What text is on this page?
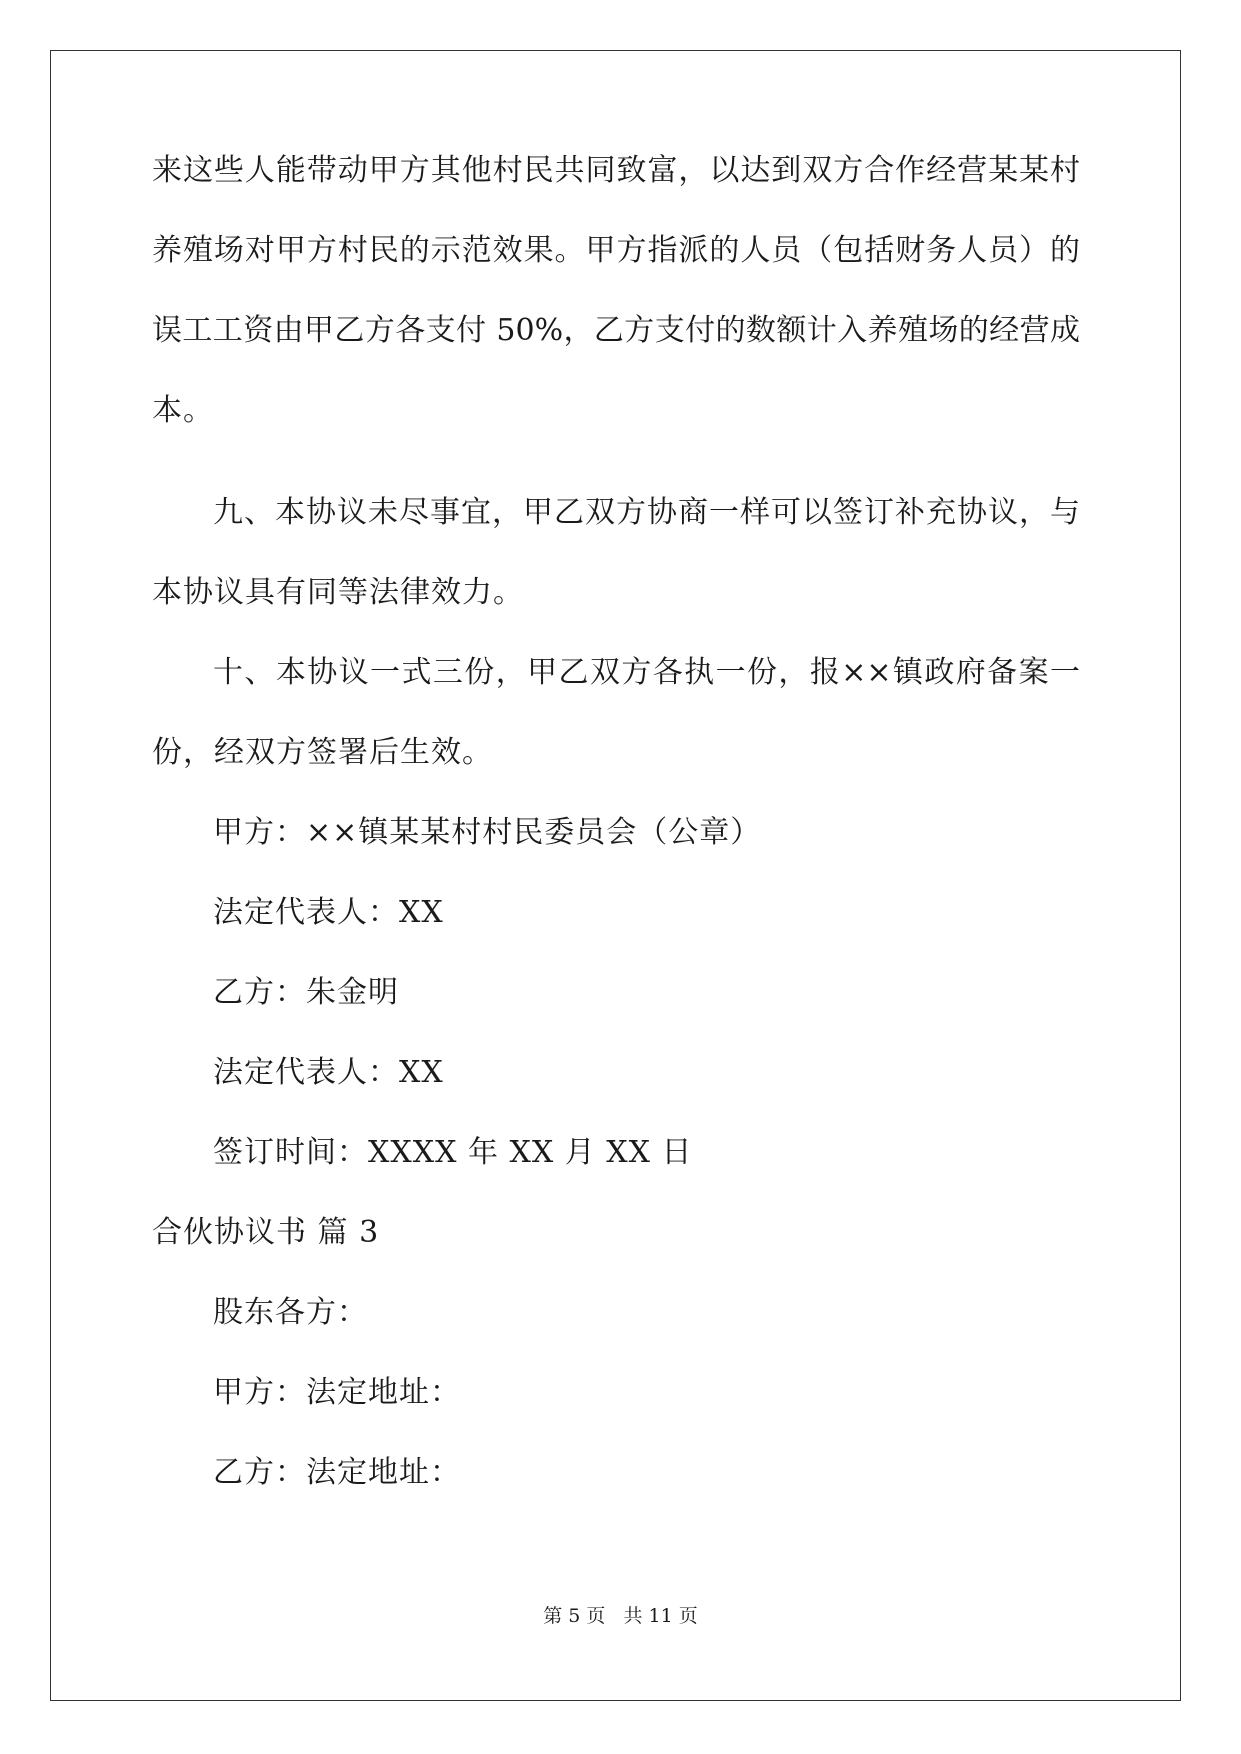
来这些人能带动甲方其他村民共同致富，以达到双方合作经营某某村
养殖场对甲方村民的示范效果。甲方指派的人员（包括财务人员）的
误工工资由甲乙方各支付 50%，乙方支付的数额计入养殖场的经营成
本。
九、本协议未尽事宜，甲乙双方协商一样可以签订补充协议，与
本协议具有同等法律效力。
十、本协议一式三份，甲乙双方各执一份，报××镇政府备案一
份，经双方签署后生效。
甲方：××镇某某村村民委员会（公章）
法定代表人：XX
乙方：朱金明
法定代表人：XX
签订时间：XXXX 年 XX 月 XX 日
合伙协议书 篇 3
股东各方：
甲方：法定地址：
乙方：法定地址：
第 5 页   共 11 页
